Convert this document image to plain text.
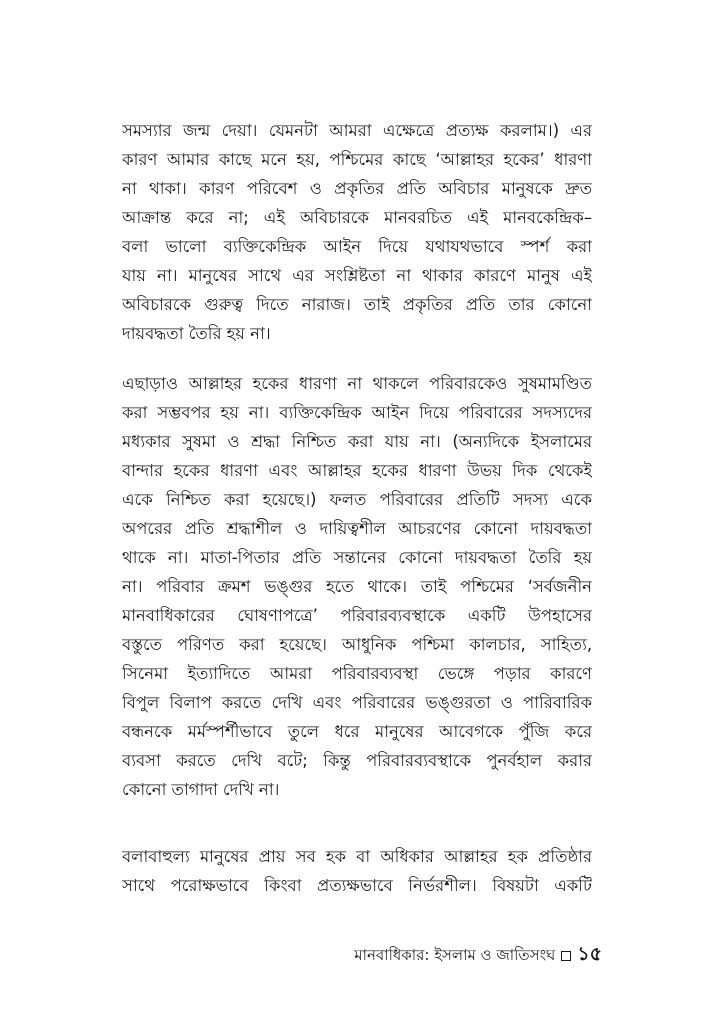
সমস্যার জন্ম দেয়া। যেমনটা আমরা এক্ষেত্রে প্রত্যক্ষ করলাম।) এর
কারণ আমার কাছে মনে হয়, পশ্চিমের কাছে ‘আল্লাহর হকের’ ধারণা
না থাকা। কারণ পরিবেশ ও প্রকৃতির প্রতি অবিচার মানুষকে দ্রুত
আক্রান্ত করে না; এই অবিচারকে মানবরচিত এই মানবকেন্দ্রিক–
বলা ভালো ব্যক্তিকেন্দ্রিক আইন দিয়ে যথাযথভাবে স্পর্শ করা
যায় না। মানুষের সাথে এর সংশ্লিষ্টতা না থাকার কারণে মানুষ এই
অবিচারকে গুরুত্ব দিতে নারাজ। তাই প্রকৃতির প্রতি তার কোনো
দায়বদ্ধতা তৈরি হয় না।
এছাড়াও আল্লাহর হকের ধারণা না থাকলে পরিবারকেও সুষমামণ্ডিত
করা সম্ভবপর হয় না। ব্যক্তিকেন্দ্রিক আইন দিয়ে পরিবারের সদস্যদের
মধ্যকার সুষমা ও শ্রদ্ধা নিশ্চিত করা যায় না। (অন্যদিকে ইসলামের
বান্দার হকের ধারণা এবং আল্লাহর হকের ধারণা উভয় দিক থেকেই
একে নিশ্চিত করা হয়েছে।) ফলত পরিবারের প্রতিটি সদস্য একে
অপরের প্রতি শ্রদ্ধাশীল ও দায়িত্বশীল আচরণের কোনো দায়বদ্ধতা
থাকে না। মাতা-পিতার প্রতি সন্তানের কোনো দায়বদ্ধতা তৈরি হয়
না। পরিবার ক্রমশ ভঙ্গুর হতে থাকে। তাই পশ্চিমের ‘সর্বজনীন
মানবাধিকারের ঘোষণাপত্রে’ পরিবারব্যবস্থাকে একটি উপহাসের
বস্তুতে পরিণত করা হয়েছে। আধুনিক পশ্চিমা কালচার, সাহিত্য,
সিনেমা ইত্যাদিতে আমরা পরিবারব্যবস্থা ভেঙ্গে পড়ার কারণে
বিপুল বিলাপ করতে দেখি এবং পরিবারের ভঙ্গুরতা ও পারিবারিক
বন্ধনকে মর্মস্পর্শীভাবে তুলে ধরে মানুষের আবেগকে পুঁজি করে
ব্যবসা করতে দেখি বটে; কিন্তু পরিবারব্যবস্থাকে পুনর্বহাল করার
কোনো তাগাদা দেখি না।
বলাবাহুল্য মানুষের প্রায় সব হক বা অধিকার আল্লাহর হক প্রতিষ্ঠার
সাথে পরোক্ষভাবে কিংবা প্রত্যক্ষভাবে নির্ভরশীল। বিষয়টা একটি
মানবাধিকার: ইসলাম ও জাতিসংঘ ১৫
